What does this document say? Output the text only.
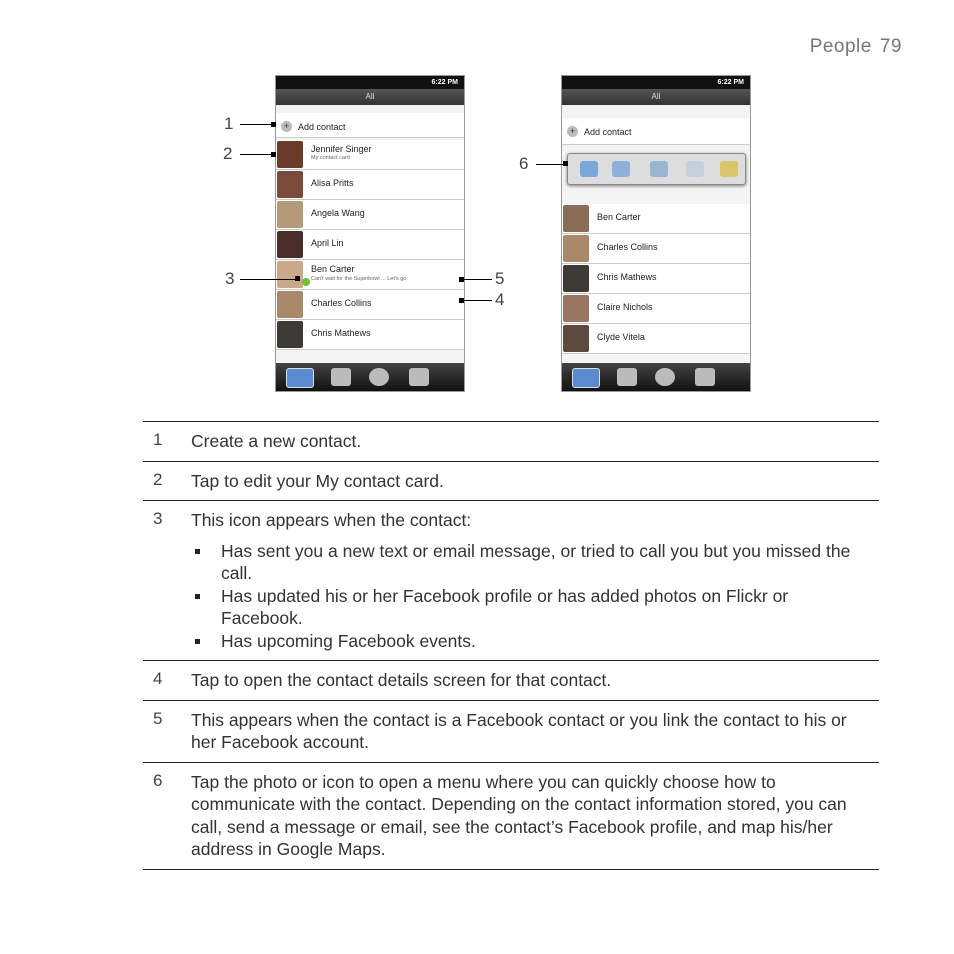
People 79
6:22 PM
All
+ Add contact
Jennifer Singer
My contact card
Alisa Pritts
Angela Wang
April Lin
Ben Carter
Can't wait for the Superbowl ... Let's go
Charles Collins
Chris Mathews
6:22 PM
All
+ Add contact
Ben Carter
Charles Collins
Chris Mathews
Claire Nichols
Clyde Vitela
1
2
3	5
4
6
1 Create a new contact.
2 Tap to edit your My contact card.
3 This icon appears when the contact:
Has sent you a new text or email message, or tried to call you but you missed the call.
Has updated his or her Facebook profile or has added photos on Flickr or Facebook.
Has upcoming Facebook events.
4 Tap to open the contact details screen for that contact.
5 This appears when the contact is a Facebook contact or you link the contact to his or her Facebook account.
6 Tap the photo or icon to open a menu where you can quickly choose how to communicate with the contact. Depending on the contact information stored, you can call, send a message or email, see the contact’s Facebook profile, and map his/her address in Google Maps.
